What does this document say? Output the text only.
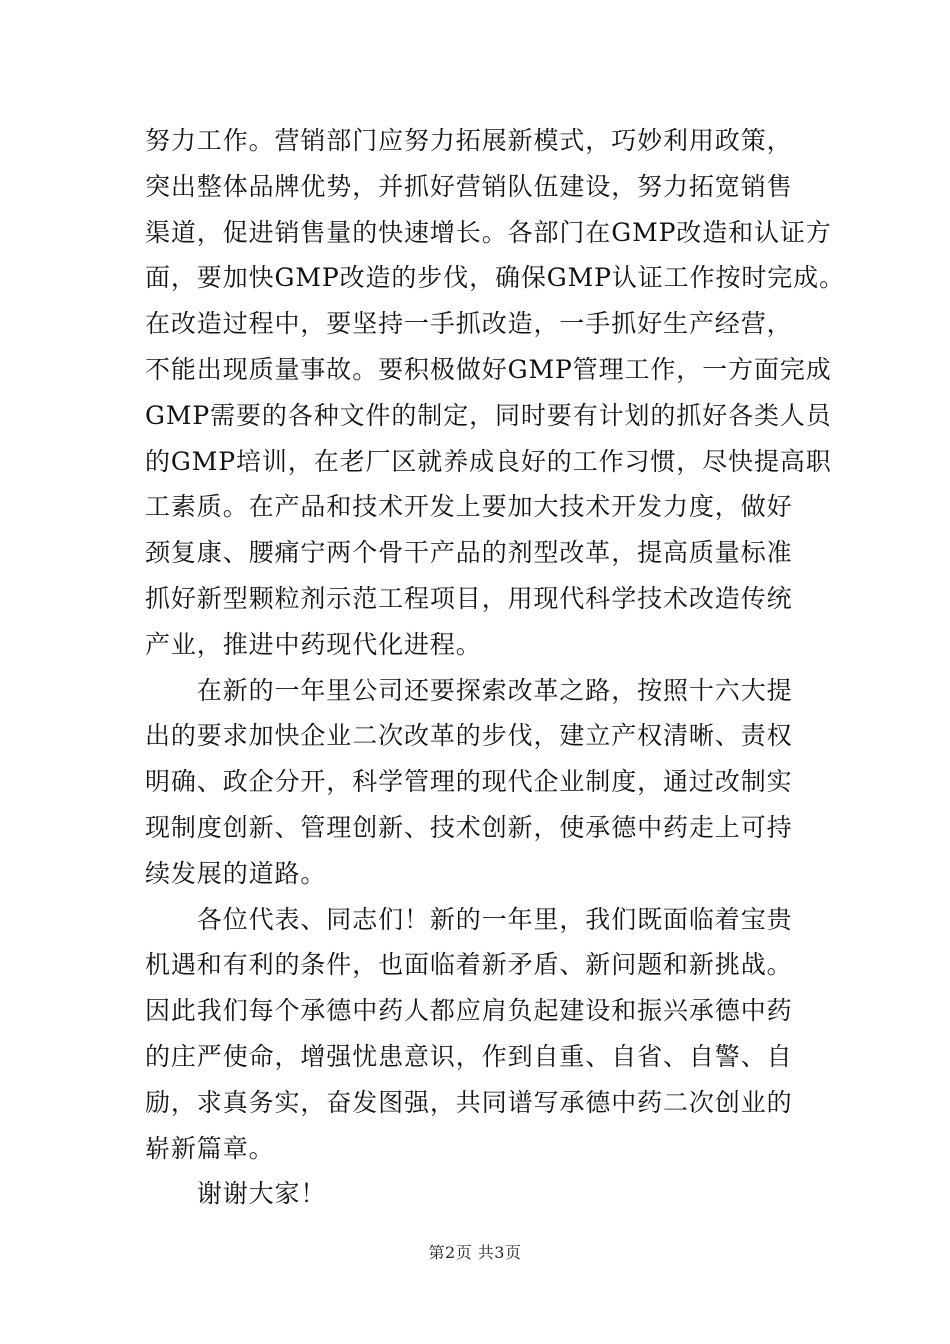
努力工作。营销部门应努力拓展新模式，巧妙利用政策，
突出整体品牌优势，并抓好营销队伍建设，努力拓宽销售
渠道，促进销售量的快速增长。各部门在GMP改造和认证方
面，要加快GMP改造的步伐，确保GMP认证工作按时完成。
在改造过程中，要坚持一手抓改造，一手抓好生产经营，
不能出现质量事故。要积极做好GMP管理工作，一方面完成
GMP需要的各种文件的制定，同时要有计划的抓好各类人员
的GMP培训，在老厂区就养成良好的工作习惯，尽快提高职
工素质。在产品和技术开发上要加大技术开发力度，做好
颈复康、腰痛宁两个骨干产品的剂型改革，提高质量标准
抓好新型颗粒剂示范工程项目，用现代科学技术改造传统
产业，推进中药现代化进程。
　　在新的一年里公司还要探索改革之路，按照十六大提
出的要求加快企业二次改革的步伐，建立产权清晰、责权
明确、政企分开，科学管理的现代企业制度，通过改制实
现制度创新、管理创新、技术创新，使承德中药走上可持
续发展的道路。
　　各位代表、同志们！新的一年里，我们既面临着宝贵
机遇和有利的条件，也面临着新矛盾、新问题和新挑战。
因此我们每个承德中药人都应肩负起建设和振兴承德中药
的庄严使命，增强忧患意识，作到自重、自省、自警、自
励，求真务实，奋发图强，共同谱写承德中药二次创业的
崭新篇章。
　　谢谢大家！
第2页 共3页
